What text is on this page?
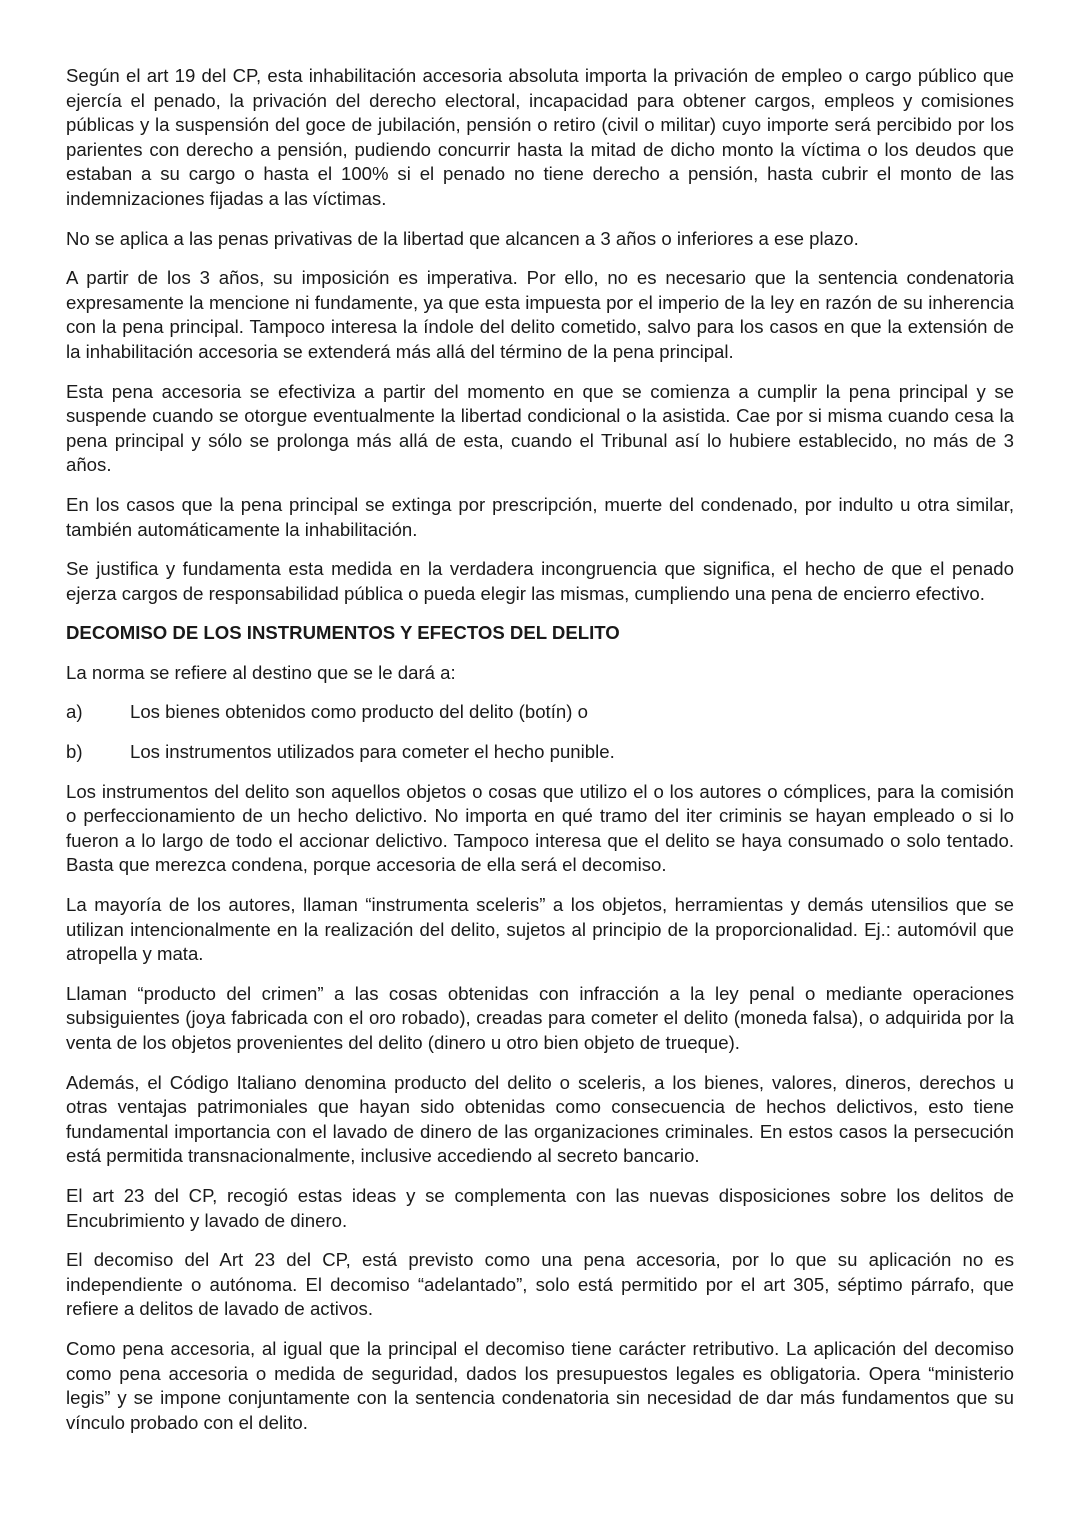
Según el art 19 del CP, esta inhabilitación accesoria absoluta importa la privación de empleo o cargo público que ejercía el penado, la privación del derecho electoral, incapacidad para obtener cargos, empleos y comisiones públicas y la suspensión del goce de jubilación, pensión o retiro (civil o militar) cuyo importe será percibido por los parientes con derecho a pensión, pudiendo concurrir hasta la mitad de dicho monto la víctima o los deudos que estaban a su cargo o hasta el 100% si el penado no tiene derecho a pensión, hasta cubrir el monto de las indemnizaciones fijadas a las víctimas.

No se aplica a las penas privativas de la libertad que alcancen a 3 años o inferiores a ese plazo.

A partir de los 3 años, su imposición es imperativa. Por ello, no es necesario que la sentencia condenatoria expresamente la mencione ni fundamente, ya que esta impuesta por el imperio de la ley en razón de su inherencia con la pena principal. Tampoco interesa la índole del delito cometido, salvo para los casos en que la extensión de la inhabilitación accesoria se extenderá más allá del término de la pena principal.

Esta pena accesoria se efectiviza a partir del momento en que se comienza a cumplir la pena principal y se suspende cuando se otorgue eventualmente la libertad condicional o la asistida. Cae por si misma cuando cesa la pena principal y sólo se prolonga más allá de esta, cuando el Tribunal así lo hubiere establecido, no más de 3 años.

En los casos que la pena principal se extinga por prescripción, muerte del condenado, por indulto u otra similar, también automáticamente la inhabilitación.

Se justifica y fundamenta esta medida en la verdadera incongruencia que significa, el hecho de que el penado ejerza cargos de responsabilidad pública o pueda elegir las mismas, cumpliendo una pena de encierro efectivo.

DECOMISO DE LOS INSTRUMENTOS Y EFECTOS DEL DELITO

La norma se refiere al destino que se le dará a:

a)	Los bienes obtenidos como producto del delito (botín) o
b)	Los instrumentos utilizados para cometer el hecho punible.

Los instrumentos del delito son aquellos objetos o cosas que utilizo el o los autores o cómplices, para la comisión o perfeccionamiento de un hecho delictivo. No importa en qué tramo del iter criminis se hayan empleado o si lo fueron a lo largo de todo el accionar delictivo. Tampoco interesa que el delito se haya consumado o solo tentado. Basta que merezca condena, porque accesoria de ella será el decomiso.

La mayoría de los autores, llaman “instrumenta sceleris” a los objetos, herramientas y demás utensilios que se utilizan intencionalmente en la realización del delito, sujetos al principio de la proporcionalidad. Ej.: automóvil que atropella y mata.

Llaman “producto del crimen” a las cosas obtenidas con infracción a la ley penal o mediante operaciones subsiguientes (joya fabricada con el oro robado), creadas para cometer el delito (moneda falsa), o adquirida por la venta de los objetos provenientes del delito (dinero u otro bien objeto de trueque).

Además, el Código Italiano denomina producto del delito o sceleris, a los bienes, valores, dineros, derechos u otras ventajas patrimoniales que hayan sido obtenidas como consecuencia de hechos delictivos, esto tiene fundamental importancia con el lavado de dinero de las organizaciones criminales. En estos casos la persecución está permitida transnacionalmente, inclusive accediendo al secreto bancario.

El art 23 del CP, recogió estas ideas y se complementa con las nuevas disposiciones sobre los delitos de Encubrimiento y lavado de dinero.

El decomiso del Art 23 del CP, está previsto como una pena accesoria, por lo que su aplicación no es independiente o autónoma. El decomiso “adelantado”, solo está permitido por el art 305, séptimo párrafo, que refiere a delitos de lavado de activos.

Como pena accesoria, al igual que la principal el decomiso tiene carácter retributivo. La aplicación del decomiso como pena accesoria o medida de seguridad, dados los presupuestos legales es obligatoria. Opera “ministerio legis” y se impone conjuntamente con la sentencia condenatoria sin necesidad de dar más fundamentos que su vínculo probado con el delito.
